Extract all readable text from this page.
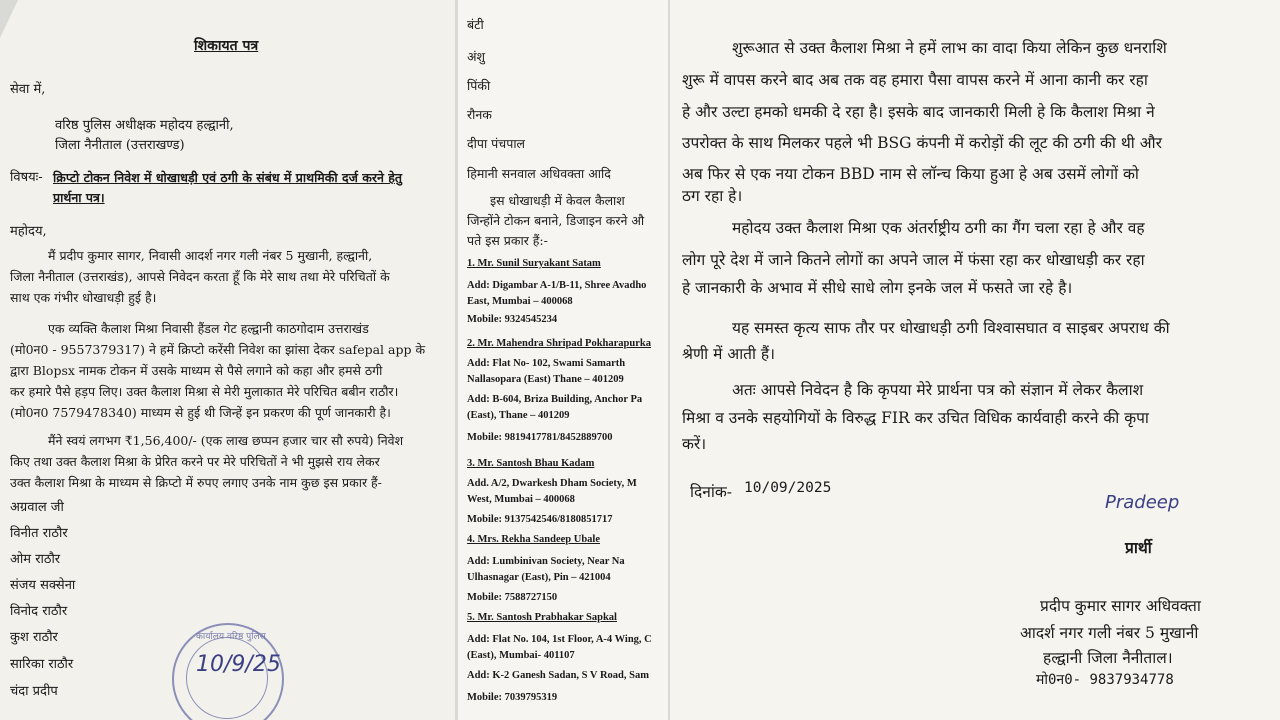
शिकायत पत्र
सेवा में,
वरिष्ठ पुलिस अधीक्षक महोदय हल्द्वानी,
जिला नैनीताल (उत्तराखण्ड)
विषयः- क्रिप्टो टोकन निवेश में धोखाधड़ी एवं ठगी के संबंध में प्राथमिकी दर्ज करने हेतु
प्रार्थना पत्र।
महोदय,
मैं प्रदीप कुमार सागर, निवासी आदर्श नगर गली नंबर 5 मुखानी, हल्द्वानी,
जिला नैनीताल (उत्तराखंड), आपसे निवेदन करता हूँ कि मेरे साथ तथा मेरे परिचितों के
साथ एक गंभीर धोखाधड़ी हुई है।
एक व्यक्ति कैलाश मिश्रा निवासी हैंडल गेट हल्द्वानी काठगोदाम उत्तराखंड
(मो0न0 - 9557379317) ने हमें क्रिप्टो करेंसी निवेश का झांसा देकर safepal app के
द्वारा Blopsx नामक टोकन में उसके माध्यम से पैसे लगाने को कहा और हमसे ठगी
कर हमारे पैसे हड़प लिए। उक्त कैलाश मिश्रा से मेरी मुलाकात मेरे परिचित बबीन राठौर।
(मो0न0 7579478340) माध्यम से हुई थी जिन्हें इन प्रकरण की पूर्ण जानकारी है।
मैंने स्वयं लगभग ₹1,56,400/- (एक लाख छप्पन हजार चार सौ रुपये) निवेश
किए तथा उक्त कैलाश मिश्रा के प्रेरित करने पर मेरे परिचितों ने भी मुझसे राय लेकर
उक्त कैलाश मिश्रा के माध्यम से क्रिप्टो में रुपए लगाए उनके नाम कुछ इस प्रकार हैं-
अग्रवाल जी
विनीत राठौर
ओम राठौर
संजय सक्सेना
विनोद राठौर
कुश राठौर
सारिका राठौर
चंदा प्रदीप
कार्यालय वरिष्ठ पुलिस
10/9/25
बंटी
अंशु
पिंकी
रौनक
दीपा पंचपाल
हिमानी सनवाल अधिवक्ता आदि
इस धोखाधड़ी में केवल कैलाश
जिन्होंने टोकन बनाने, डिजाइन करने औ
पते इस प्रकार हैं:-
1. Mr. Sunil Suryakant Satam
Add: Digambar A-1/B-11, Shree Avadho
East, Mumbai – 400068
Mobile: 9324545234
2. Mr. Mahendra Shripad Pokharapurka
Add: Flat No- 102, Swami Samarth
Nallasopara (East) Thane – 401209
Add: B-604, Briza Building, Anchor Pa
(East), Thane – 401209
Mobile: 9819417781/8452889700
3. Mr. Santosh Bhau Kadam
Add. A/2, Dwarkesh Dham Society, M
West, Mumbai – 400068
Mobile: 9137542546/8180851717
4. Mrs. Rekha Sandeep Ubale
Add: Lumbinivan Society, Near Na
Ulhasnagar (East), Pin – 421004
Mobile: 7588727150
5. Mr. Santosh Prabhakar Sapkal
Add: Flat No. 104, 1st Floor, A-4 Wing, C
(East), Mumbai- 401107
Add: K-2 Ganesh Sadan, S V Road, Sam
Mobile: 7039795319
शुरूआत से उक्त कैलाश मिश्रा ने हमें लाभ का वादा किया लेकिन कुछ धनराशि
शुरू में वापस करने बाद अब तक वह हमारा पैसा वापस करने में आना कानी कर रहा
हे और उल्टा हमको धमकी दे रहा है। इसके बाद जानकारी मिली हे कि कैलाश मिश्रा ने
उपरोक्त के साथ मिलकर पहले भी BSG कंपनी में करोड़ों की लूट की ठगी की थी और
अब फिर से एक नया टोकन BBD नाम से लॉन्च किया हुआ हे अब उसमें लोगों को
ठग रहा हे।
महोदय उक्त कैलाश मिश्रा एक अंतर्राष्ट्रीय ठगी का गैंग चला रहा हे और वह
लोग पूरे देश में जाने कितने लोगों का अपने जाल में फंसा रहा कर धोखाधड़ी कर रहा
हे जानकारी के अभाव में सीधे साधे लोग इनके जल में फसते जा रहे है।
यह समस्त कृत्य साफ तौर पर धोखाधड़ी ठगी विश्वासघात व साइबर अपराध की
श्रेणी में आती हैं।
अतः आपसे निवेदन है कि कृपया मेरे प्रार्थना पत्र को संज्ञान में लेकर कैलाश
मिश्रा व उनके सहयोगियों के विरुद्ध FIR कर उचित विधिक कार्यवाही करने की कृपा
करें।
दिनांक- 10/09/2025
Pradeep
प्रार्थी
प्रदीप कुमार सागर अधिवक्ता
आदर्श नगर गली नंबर 5 मुखानी
हल्द्वानी जिला नैनीताल।
मो0न0- 9837934778
